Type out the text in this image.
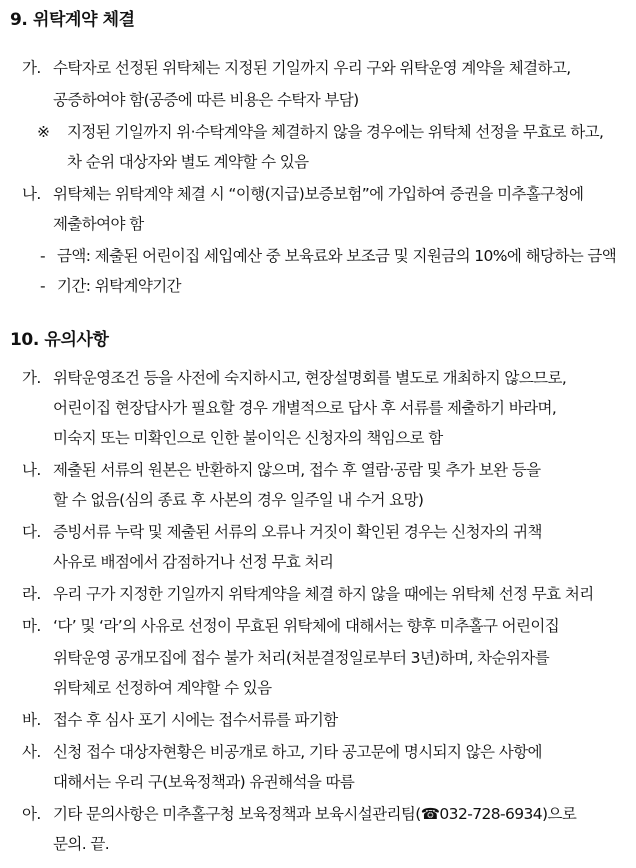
9. 위탁계약 체결
가. 수탁자로 선정된 위탁체는 지정된 기일까지 우리 구와 위탁운영 계약을 체결하고,
공증하여야 함(공증에 따른 비용은 수탁자 부담)
※ 지정된 기일까지 위·수탁계약을 체결하지 않을 경우에는 위탁체 선정을 무효로 하고,
차 순위 대상자와 별도 계약할 수 있음
나. 위탁체는 위탁계약 체결 시 “이행(지급)보증보험”에 가입하여 증권을 미추홀구청에
제출하여야 함
- 금액: 제출된 어린이집 세입예산 중 보육료와 보조금 및 지원금의 10%에 해당하는 금액
- 기간: 위탁계약기간
10. 유의사항
가. 위탁운영조건 등을 사전에 숙지하시고, 현장설명회를 별도로 개최하지 않으므로,
어린이집 현장답사가 필요할 경우 개별적으로 답사 후 서류를 제출하기 바라며,
미숙지 또는 미확인으로 인한 불이익은 신청자의 책임으로 함
나. 제출된 서류의 원본은 반환하지 않으며, 접수 후 열람·공람 및 추가 보완 등을
할 수 없음(심의 종료 후 사본의 경우 일주일 내 수거 요망)
다. 증빙서류 누락 및 제출된 서류의 오류나 거짓이 확인된 경우는 신청자의 귀책
사유로 배점에서 감점하거나 선정 무효 처리
라. 우리 구가 지정한 기일까지 위탁계약을 체결 하지 않을 때에는 위탁체 선정 무효 처리
마. ‘다’ 및 ‘라’의 사유로 선정이 무효된 위탁체에 대해서는 향후 미추홀구 어린이집
위탁운영 공개모집에 접수 불가 처리(처분결정일로부터 3년)하며, 차순위자를
위탁체로 선정하여 계약할 수 있음
바. 접수 후 심사 포기 시에는 접수서류를 파기함
사. 신청 접수 대상자현황은 비공개로 하고, 기타 공고문에 명시되지 않은 사항에
대해서는 우리 구(보육정책과) 유권해석을 따름
아. 기타 문의사항은 미추홀구청 보육정책과 보육시설관리팀(☎032-728-6934)으로
문의. 끝.
